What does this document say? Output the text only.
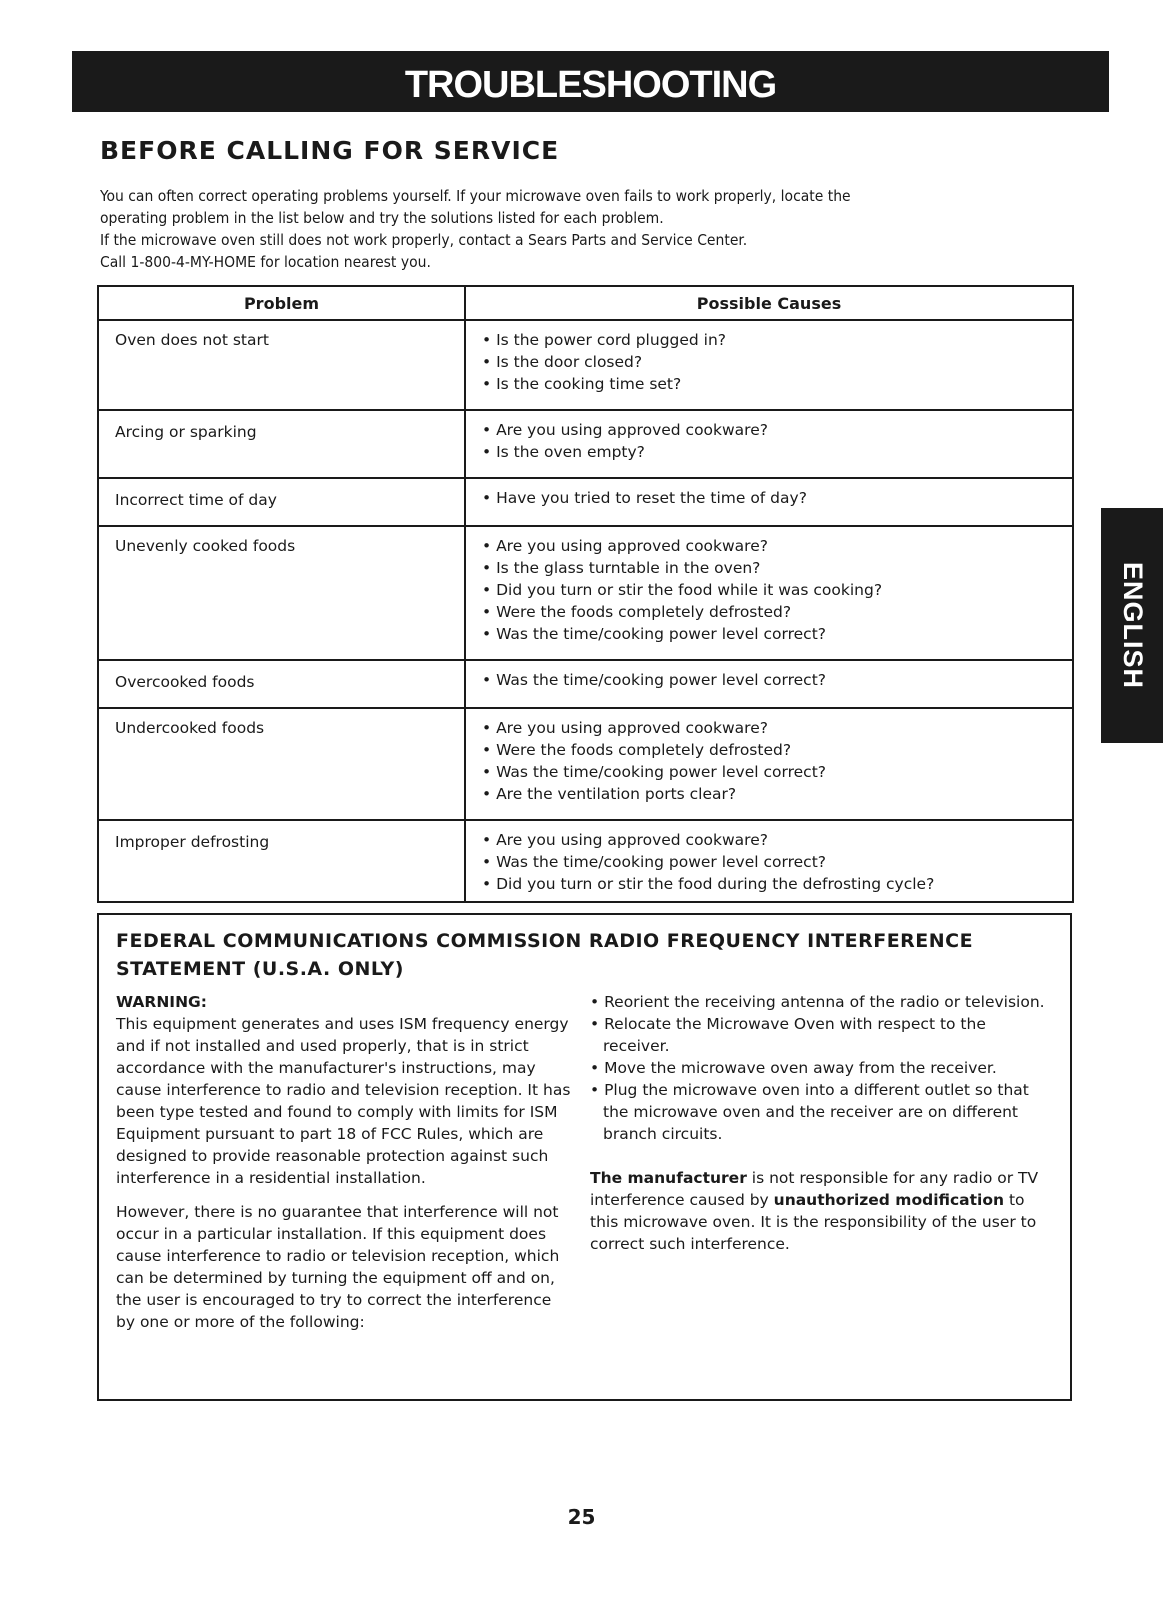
TROUBLESHOOTING
BEFORE CALLING FOR SERVICE
You can often correct operating problems yourself. If your microwave oven fails to work properly, locate the
operating problem in the list below and try the solutions listed for each problem.
If the microwave oven still does not work properly, contact a Sears Parts and Service Center.
Call 1-800-4-MY-HOME for location nearest you.
Problem	Possible Causes
Oven does not start	• Is the power cord plugged in?
• Is the door closed?
• Is the cooking time set?

Arcing or sparking	• Are you using approved cookware?
• Is the oven empty?

Incorrect time of day	• Have you tried to reset the time of day?

Unevenly cooked foods	• Are you using approved cookware?
• Is the glass turntable in the oven?
• Did you turn or stir the food while it was cooking?
• Were the foods completely defrosted?
• Was the time/cooking power level correct?

Overcooked foods	• Was the time/cooking power level correct?

Undercooked foods	• Are you using approved cookware?
• Were the foods completely defrosted?
• Was the time/cooking power level correct?
• Are the ventilation ports clear?

Improper defrosting	• Are you using approved cookware?
• Was the time/cooking power level correct?
• Did you turn or stir the food during the defrosting cycle?
FEDERAL COMMUNICATIONS COMMISSION RADIO FREQUENCY INTERFERENCE
STATEMENT (U.S.A. ONLY)
WARNING:

This equipment generates and uses ISM frequency energy and if not installed and used properly, that is in strict accordance with the manufacturer's instructions, may cause interference to radio and television reception. It has been type tested and found to comply with limits for ISM Equipment pursuant to part 18 of FCC Rules, which are designed to provide reasonable protection against such interference in a residential installation.

However, there is no guarantee that interference will not occur in a particular installation. If this equipment does cause interference to radio or television reception, which can be determined by turning the equipment off and on, the user is encouraged to try to correct the interference by one or more of the following:

• Reorient the receiving antenna of the radio or television.
• Relocate the Microwave Oven with respect to the receiver.
• Move the microwave oven away from the receiver.
• Plug the microwave oven into a different outlet so that the microwave oven and the receiver are on different branch circuits.
The manufacturer is not responsible for any radio or TV interference caused by unauthorized modification to this microwave oven. It is the responsibility of the user to correct such interference.
ENGLISH
25
